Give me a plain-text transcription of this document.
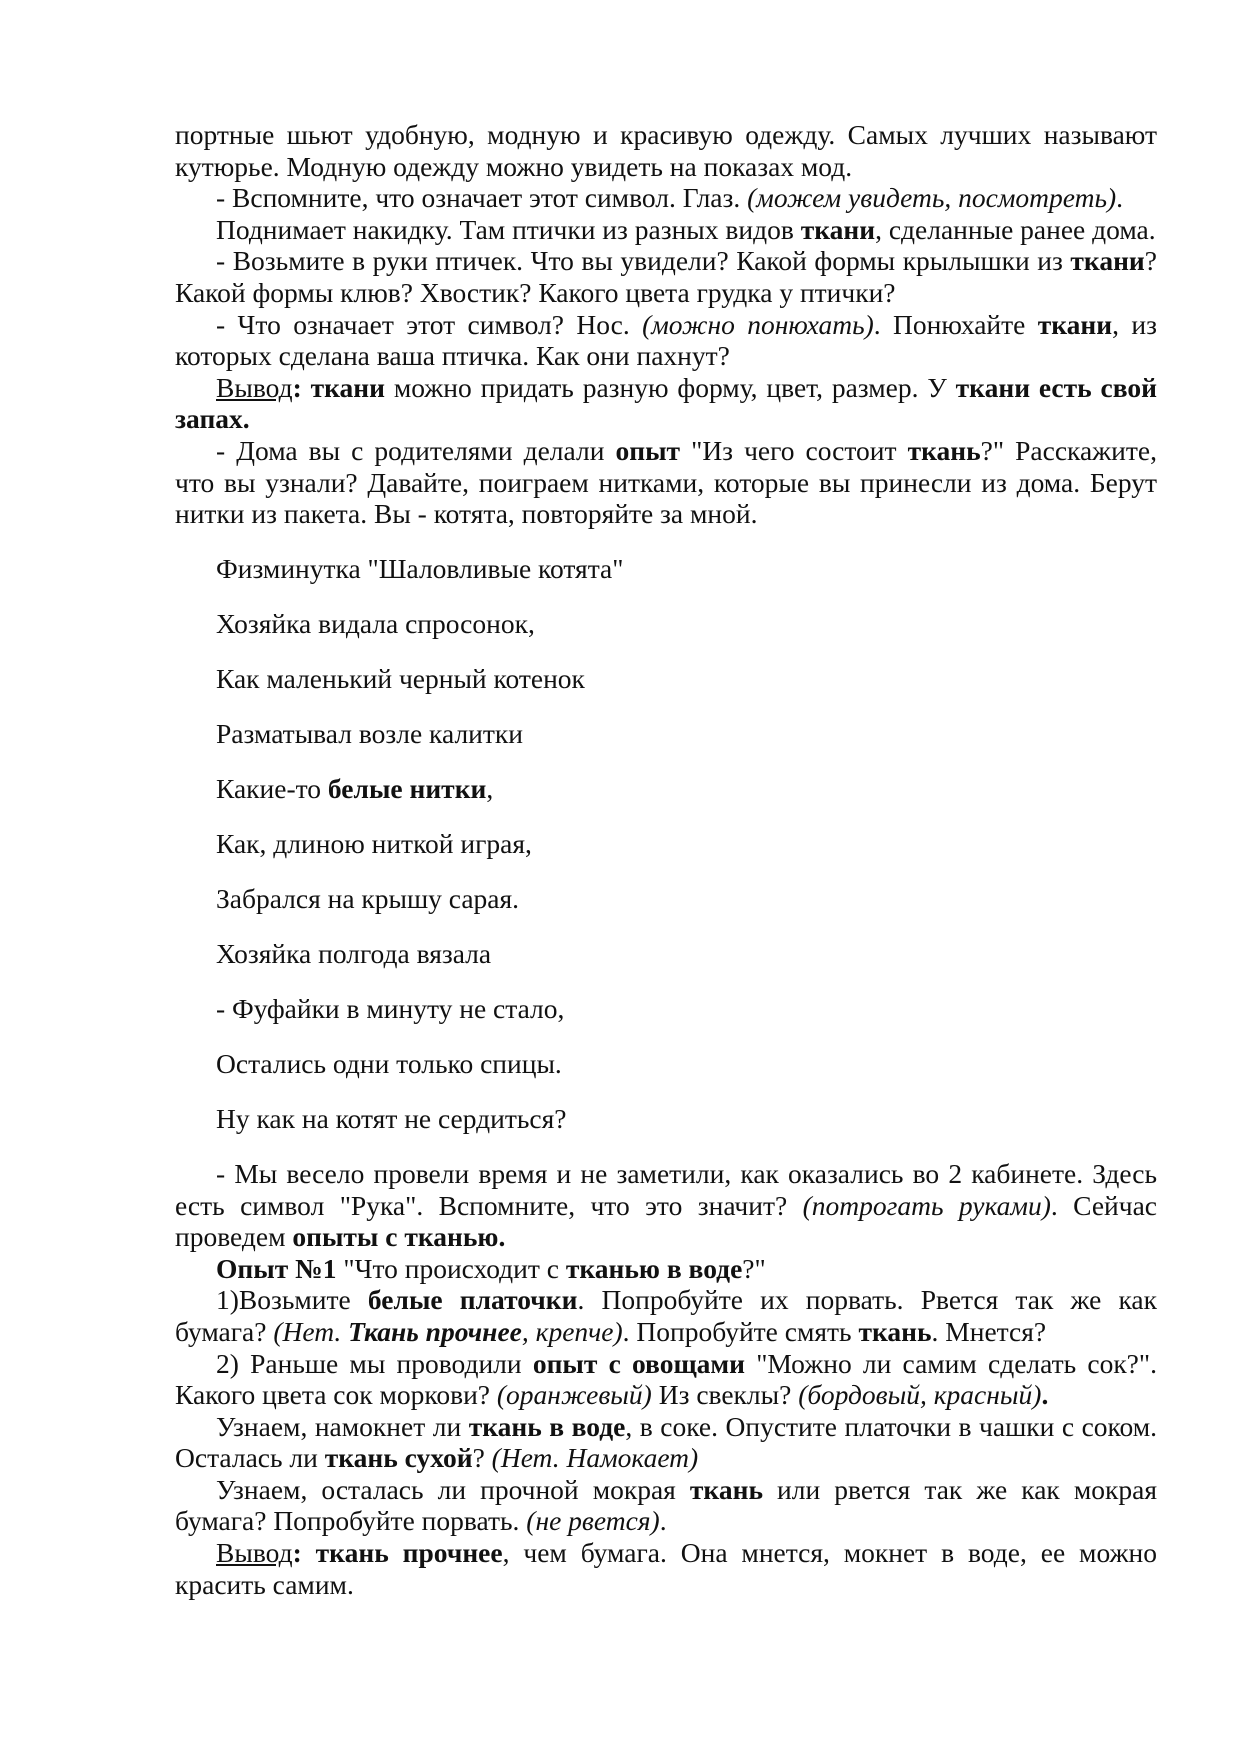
портные шьют удобную, модную и красивую одежду. Самых лучших называют кутюрье. Модную одежду можно увидеть на показах мод.

- Вспомните, что означает этот символ. Глаз. (можем увидеть, посмотреть).

Поднимает накидку. Там птички из разных видов ткани, сделанные ранее дома.

- Возьмите в руки птичек. Что вы увидели? Какой формы крылышки из ткани? Какой формы клюв? Хвостик? Какого цвета грудка у птички?

- Что означает этот символ? Нос. (можно понюхать). Понюхайте ткани, из которых сделана ваша птичка. Как они пахнут?

Вывод: ткани можно придать разную форму, цвет, размер. У ткани есть свой запах.

- Дома вы с родителями делали опыт "Из чего состоит ткань?" Расскажите, что вы узнали? Давайте, поиграем нитками, которые вы принесли из дома. Берут нитки из пакета. Вы - котята, повторяйте за мной.

Физминутка "Шаловливые котята"

Хозяйка видала спросонок,

Как маленький черный котенок

Разматывал возле калитки

Какие-то белые нитки,

Как, длиною ниткой играя,

Забрался на крышу сарая.

Хозяйка полгода вязала

- Фуфайки в минуту не стало,

Остались одни только спицы.

Ну как на котят не сердиться?

- Мы весело провели время и не заметили, как оказались во 2 кабинете. Здесь есть символ "Рука". Вспомните, что это значит? (потрогать руками). Сейчас проведем опыты с тканью.

Опыт №1 "Что происходит с тканью в воде?"

1)Возьмите белые платочки. Попробуйте их порвать. Рвется так же как бумага? (Нет. Ткань прочнее, крепче). Попробуйте смять ткань. Мнется?

2) Раньше мы проводили опыт с овощами "Можно ли самим сделать сок?". Какого цвета сок моркови? (оранжевый) Из свеклы? (бордовый, красный).

Узнаем, намокнет ли ткань в воде, в соке. Опустите платочки в чашки с соком. Осталась ли ткань сухой? (Нет. Намокает)

Узнаем, осталась ли прочной мокрая ткань или рвется так же как мокрая бумага? Попробуйте порвать. (не рвется).

Вывод: ткань прочнее, чем бумага. Она мнется, мокнет в воде, ее можно красить самим.
